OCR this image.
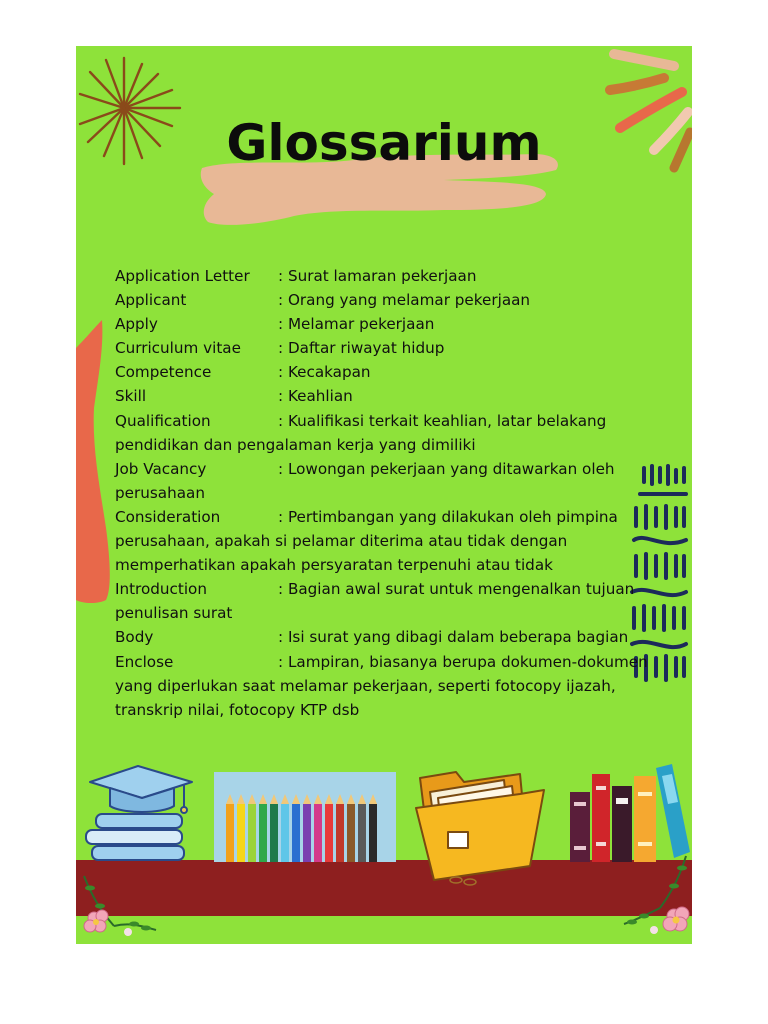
Glossarium
Application Letter : Surat lamaran pekerjaan
Applicant	: Orang yang melamar pekerjaan
Apply	: Melamar pekerjaan
Curriculum vitae : Daftar riwayat hidup
Competence	: Kecakapan
Skill	: Keahlian
Qualification	: Kualifikasi terkait keahlian, latar belakang pendidikan dan pengalaman kerja yang dimiliki
Job Vacancy	: Lowongan pekerjaan yang ditawarkan oleh perusahaan
Consideration	: Pertimbangan yang dilakukan oleh pimpina perusahaan, apakah si pelamar diterima atau tidak dengan memperhatikan apakah persyaratan terpenuhi atau tidak
Introduction	: Bagian awal surat untuk mengenalkan tujuan penulisan surat
Body	: Isi surat yang dibagi dalam beberapa bagian
Enclose	: Lampiran, biasanya berupa dokumen-dokumen yang diperlukan saat melamar pekerjaan, seperti fotocopy ijazah, transkrip nilai, fotocopy KTP dsb
